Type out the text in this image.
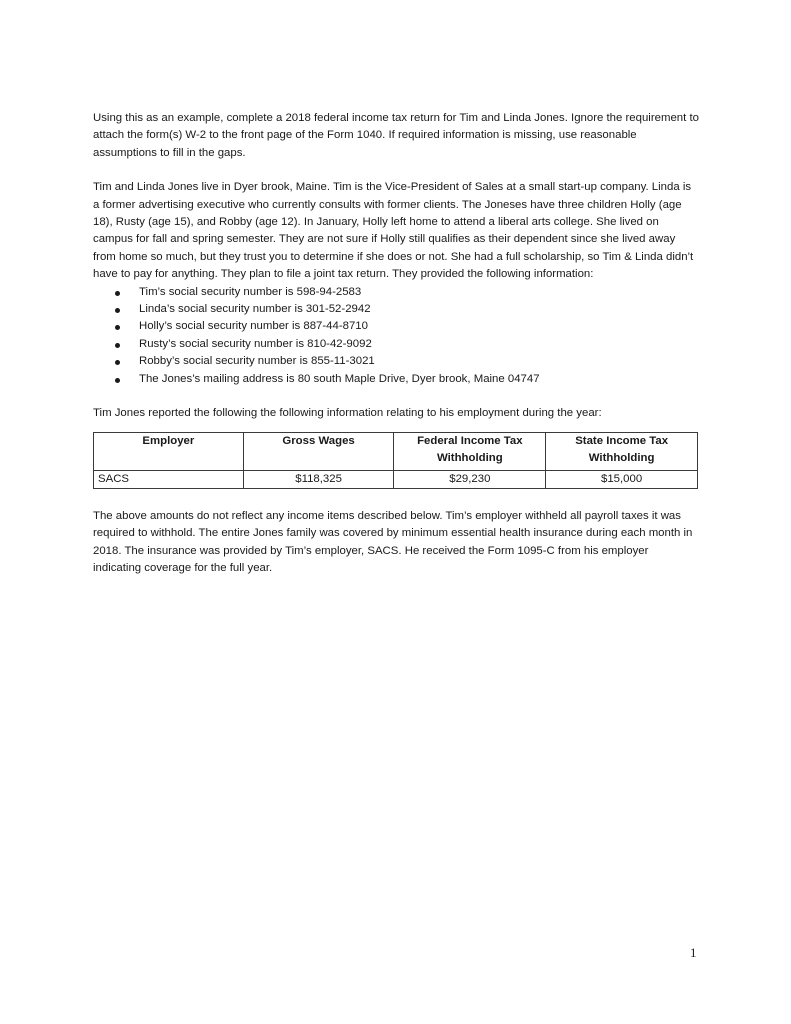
Using this as an example, complete a 2018 federal income tax return for Tim and Linda Jones. Ignore the requirement to attach the form(s) W-2 to the front page of the Form 1040. If required information is missing, use reasonable assumptions to fill in the gaps.

Tim and Linda Jones live in Dyer brook, Maine. Tim is the Vice-President of Sales at a small start-up company. Linda is a former advertising executive who currently consults with former clients. The Joneses have three children Holly (age 18), Rusty (age 15), and Robby (age 12). In January, Holly left home to attend a liberal arts college. She lived on campus for fall and spring semester. They are not sure if Holly still qualifies as their dependent since she lived away from home so much, but they trust you to determine if she does or not. She had a full scholarship, so Tim & Linda didn’t have to pay for anything. They plan to file a joint tax return. They provided the following information:

Tim’s social security number is 598-94-2583
Linda’s social security number is 301-52-2942
Holly’s social security number is 887-44-8710
Rusty’s social security number is 810-42-9092
Robby’s social security number is 855-11-3021
The Jones’s mailing address is 80 south Maple Drive, Dyer brook, Maine 04747

Tim Jones reported the following the following information relating to his employment during the year:

Employer	Gross Wages	Federal Income Tax Withholding	State Income Tax Withholding
SACS	$118,325	$29,230	$15,000

The above amounts do not reflect any income items described below. Tim’s employer withheld all payroll taxes it was required to withhold. The entire Jones family was covered by minimum essential health insurance during each month in 2018. The insurance was provided by Tim’s employer, SACS. He received the Form 1095-C from his employer indicating coverage for the full year.

1
